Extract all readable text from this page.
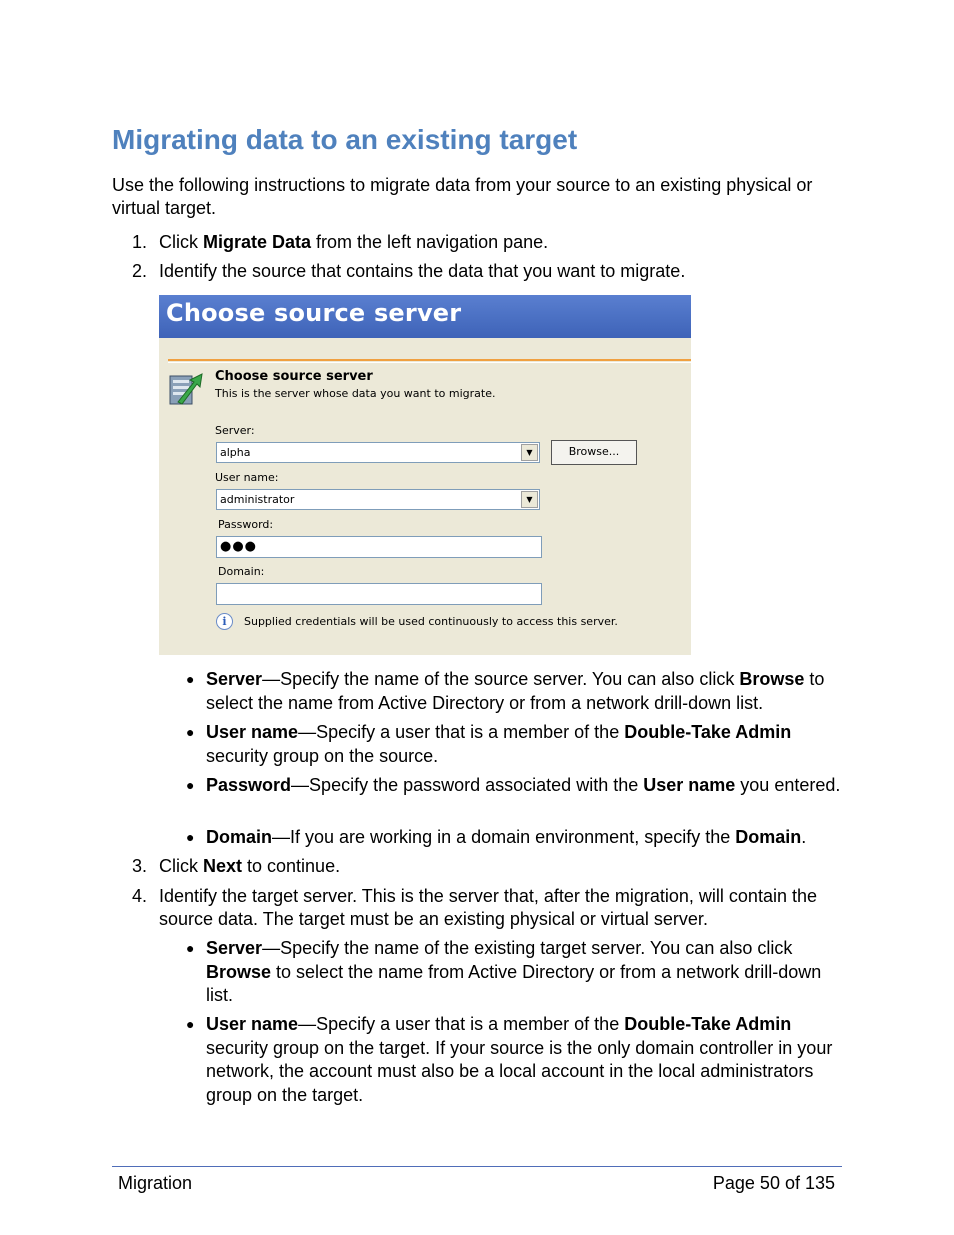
Migrating data to an existing target
Use the following instructions to migrate data from your source to an existing physical or virtual target.
1. Click Migrate Data from the left navigation pane.
2. Identify the source that contains the data that you want to migrate.
Choose source server
Choose source server
This is the server whose data you want to migrate.
Server:
alpha	▼	Browse...
User name:
administrator	▼
Password:
●●●
Domain:
i	Supplied credentials will be used continuously to access this server.
● Server—Specify the name of the source server. You can also click Browse to select the name from Active Directory or from a network drill-down list.
● User name—Specify a user that is a member of the Double-Take Admin security group on the source.
● Password—Specify the password associated with the User name you entered.
● Domain—If you are working in a domain environment, specify the Domain.
3. Click Next to continue.
4. Identify the target server. This is the server that, after the migration, will contain the source data. The target must be an existing physical or virtual server.
● Server—Specify the name of the existing target server. You can also click Browse to select the name from Active Directory or from a network drill-down list.
● User name—Specify a user that is a member of the Double-Take Admin security group on the target. If your source is the only domain controller in your network, the account must also be a local account in the local administrators group on the target.
Migration	Page 50 of 135
